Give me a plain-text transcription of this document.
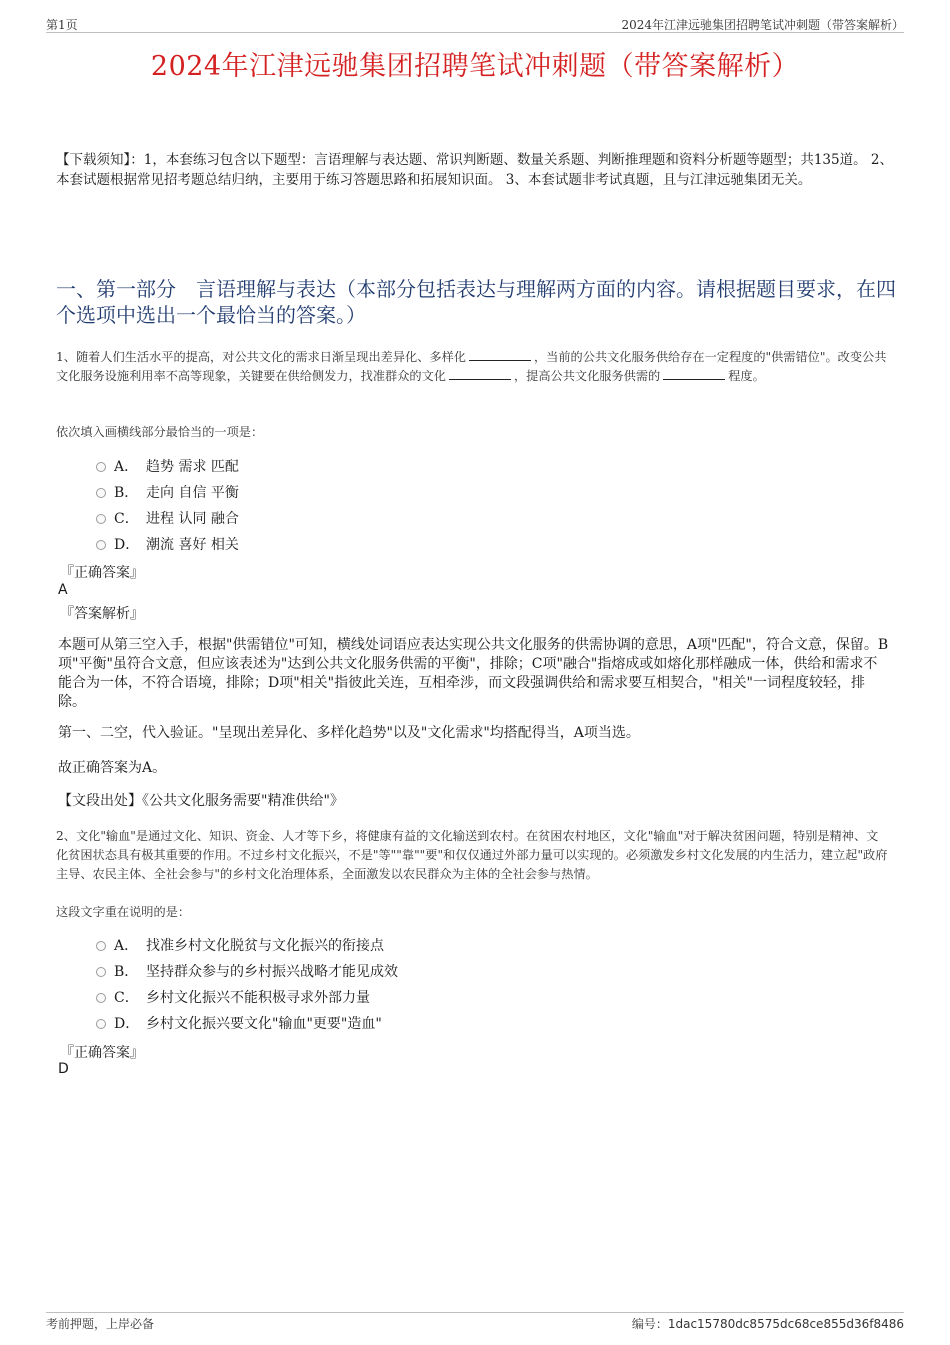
第1页	2024年江津远驰集团招聘笔试冲刺题（带答案解析）
2024年江津远驰集团招聘笔试冲刺题（带答案解析）
【下载须知】：1，本套练习包含以下题型：言语理解与表达题、常识判断题、数量关系题、判断推理题和资料分析题等题型；共135道。 2、本套试题根据常见招考题总结归纳，主要用于练习答题思路和拓展知识面。 3、本套试题非考试真题，且与江津远驰集团无关。
一、第一部分　言语理解与表达（本部分包括表达与理解两方面的内容。请根据题目要求，在四个选项中选出一个最恰当的答案。）
1、随着人们生活水平的提高，对公共文化的需求日渐呈现出差异化、多样化	，当前的公共文化服务供给存在一定程度的"供需错位"。改变公共文化服务设施利用率不高等现象，关键要在供给侧发力，找准群众的文化	，提高公共文化服务供需的	程度。
依次填入画横线部分最恰当的一项是：
A． 趋势 需求 匹配
B． 走向 自信 平衡
C． 进程 认同 融合
D． 潮流 喜好 相关
『正确答案』
A
『答案解析』
本题可从第三空入手，根据"供需错位"可知，横线处词语应表达实现公共文化服务的供需协调的意思，A项"匹配"，符合文意，保留。B项"平衡"虽符合文意，但应该表述为"达到公共文化服务供需的平衡"，排除；C项"融合"指熔成或如熔化那样融成一体，供给和需求不能合为一体，不符合语境，排除；D项"相关"指彼此关连，互相牵涉，而文段强调供给和需求要互相契合，"相关"一词程度较轻，排除。
第一、二空，代入验证。"呈现出差异化、多样化趋势"以及"文化需求"均搭配得当，A项当选。
故正确答案为A。
【文段出处】《公共文化服务需要"精准供给"》
2、文化"输血"是通过文化、知识、资金、人才等下乡，将健康有益的文化输送到农村。在贫困农村地区，文化"输血"对于解决贫困问题，特别是精神、文化贫困状态具有极其重要的作用。不过乡村文化振兴，不是"等""靠""要"和仅仅通过外部力量可以实现的。必须激发乡村文化发展的内生活力，建立起"政府主导、农民主体、全社会参与"的乡村文化治理体系，全面激发以农民群众为主体的全社会参与热情。
这段文字重在说明的是：
A． 找准乡村文化脱贫与文化振兴的衔接点
B． 坚持群众参与的乡村振兴战略才能见成效
C． 乡村文化振兴不能积极寻求外部力量
D． 乡村文化振兴要文化"输血"更要"造血"
『正确答案』
D
考前押题，上岸必备	编号：1dac15780dc8575dc68ce855d36f8486
